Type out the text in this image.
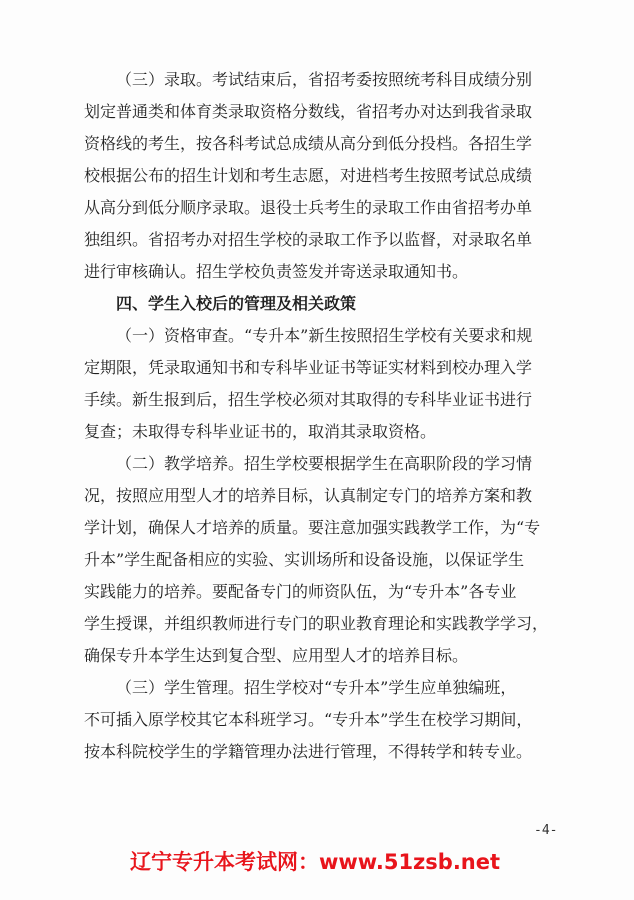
（三）录取。考试结束后，省招考委按照统考科目成绩分别
划定普通类和体育类录取资格分数线，省招考办对达到我省录取
资格线的考生，按各科考试总成绩从高分到低分投档。各招生学
校根据公布的招生计划和考生志愿，对进档考生按照考试总成绩
从高分到低分顺序录取。退役士兵考生的录取工作由省招考办单
独组织。省招考办对招生学校的录取工作予以监督，对录取名单
进行审核确认。招生学校负责签发并寄送录取通知书。
四、学生入校后的管理及相关政策
（一）资格审查。“专升本”新生按照招生学校有关要求和规
定期限，凭录取通知书和专科毕业证书等证实材料到校办理入学
手续。新生报到后，招生学校必须对其取得的专科毕业证书进行
复查；未取得专科毕业证书的，取消其录取资格。
（二）教学培养。招生学校要根据学生在高职阶段的学习情
况，按照应用型人才的培养目标，认真制定专门的培养方案和教
学计划，确保人才培养的质量。要注意加强实践教学工作，为“专
升本”学生配备相应的实验、实训场所和设备设施，以保证学生
实践能力的培养。要配备专门的师资队伍，为“专升本”各专业
学生授课，并组织教师进行专门的职业教育理论和实践教学学习，
确保专升本学生达到复合型、应用型人才的培养目标。
（三）学生管理。招生学校对“专升本”学生应单独编班，
不可插入原学校其它本科班学习。“专升本”学生在校学习期间，
按本科院校学生的学籍管理办法进行管理，不得转学和转专业。
-4-
辽宁专升本考试网：www.51zsb.net
